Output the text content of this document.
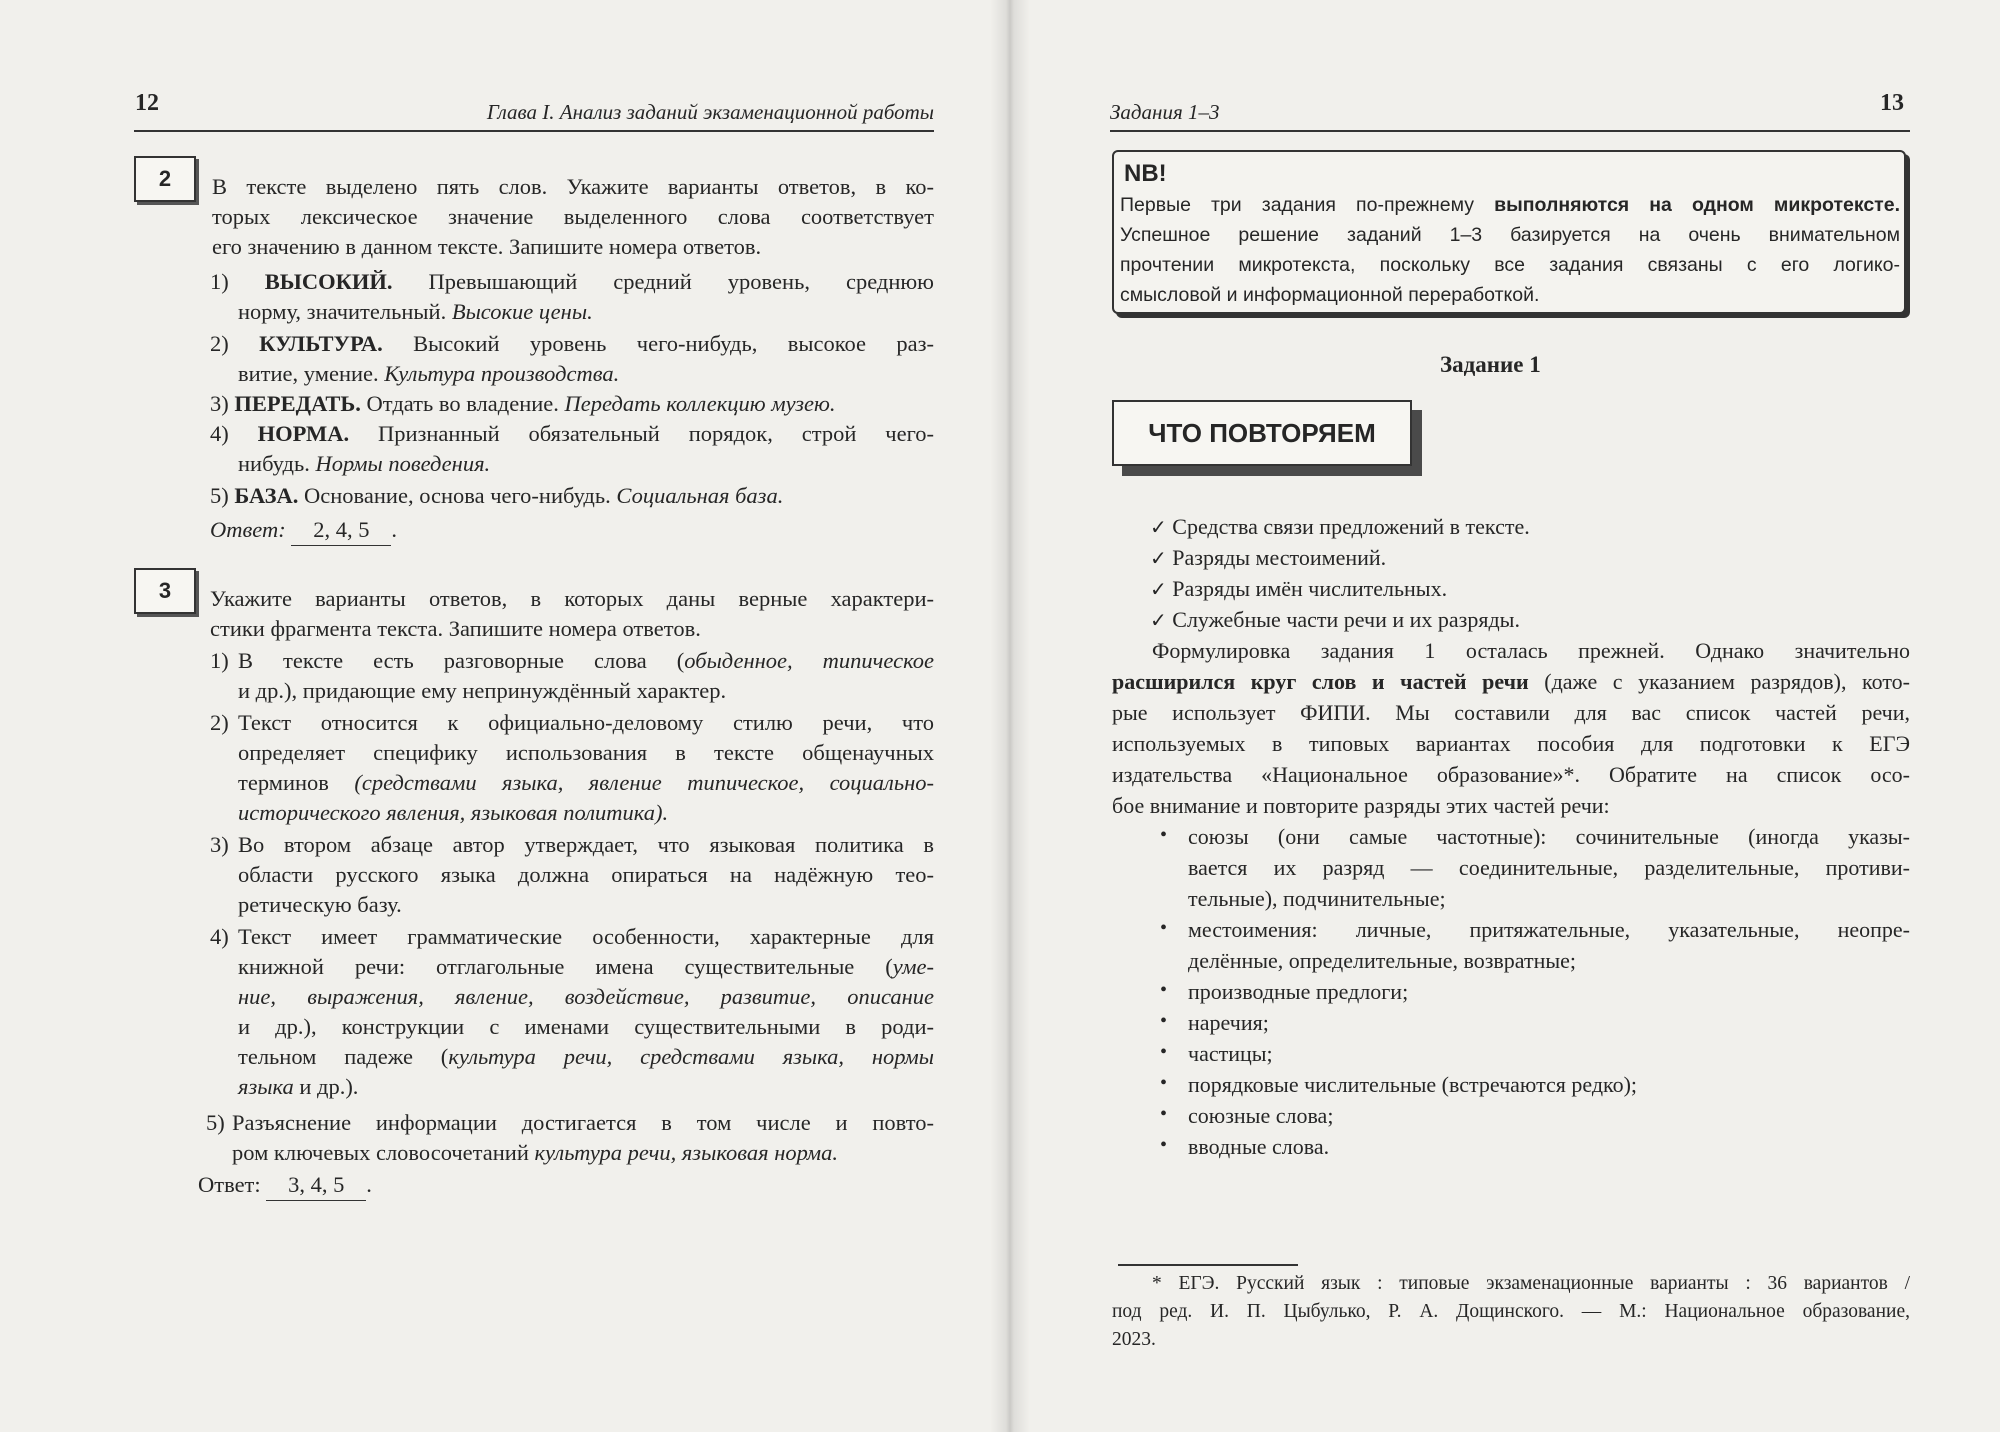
12	Глава I. Анализ заданий экзаменационной работы
2	В тексте выделено пять слов. Укажите варианты ответов, в ко-
торых лексическое значение выделенного слова соответствует
его значению в данном тексте. Запишите номера ответов.
1) ВЫСОКИЙ. Превышающий средний уровень, среднюю
норму, значительный. Высокие цены.
2) КУЛЬТУРА. Высокий уровень чего-нибудь, высокое раз-
витие, умение. Культура производства.
3) ПЕРЕДАТЬ. Отдать во владение. Передать коллекцию музею.
4) НОРМА. Признанный обязательный порядок, строй чего-
нибудь. Нормы поведения.
5) БАЗА. Основание, основа чего-нибудь. Социальная база.
Ответ: 2, 4, 5 .
3	Укажите варианты ответов, в которых даны верные характери-
стики фрагмента текста. Запишите номера ответов.
1) В тексте есть разговорные слова (обыденное, типическое
и др.), придающие ему непринуждённый характер.
2) Текст относится к официально-деловому стилю речи, что
определяет специфику использования в тексте общенаучных
терминов (средствами языка, явление типическое, социально-
исторического явления, языковая политика).
3) Во втором абзаце автор утверждает, что языковая политика в
области русского языка должна опираться на надёжную тео-
ретическую базу.
4) Текст имеет грамматические особенности, характерные для
книжной речи: отглагольные имена существительные (уме-
ние, выражения, явление, воздействие, развитие, описание
и др.), конструкции с именами существительными в роди-
тельном падеже (культура речи, средствами языка, нормы
языка и др.).
5) Разъяснение информации достигается в том числе и повто-
ром ключевых словосочетаний культура речи, языковая норма.
Ответ: 3, 4, 5 .
Задания 1–3	13
NB!
Первые три задания по-прежнему выполняются на одном микротексте.
Успешное решение заданий 1–3 базируется на очень внимательном
прочтении микротекста, поскольку все задания связаны с его логико-
смысловой и информационной переработкой.
Задание 1
ЧТО ПОВТОРЯЕМ
✓ Средства связи предложений в тексте.
✓ Разряды местоимений.
✓ Разряды имён числительных.
✓ Служебные части речи и их разряды.
Формулировка задания 1 осталась прежней. Однако значительно
расширился круг слов и частей речи (даже с указанием разрядов), кото-
рые использует ФИПИ. Мы составили для вас список частей речи,
используемых в типовых вариантах пособия для подготовки к ЕГЭ
издательства «Национальное образование»*. Обратите на список осо-
бое внимание и повторите разряды этих частей речи:
• союзы (они самые частотные): сочинительные (иногда указы-
вается их разряд — соединительные, разделительные, противи-
тельные), подчинительные;
• местоимения: личные, притяжательные, указательные, неопре-
делённые, определительные, возвратные;
• производные предлоги;
• наречия;
• частицы;
• порядковые числительные (встречаются редко);
• союзные слова;
• вводные слова.
* ЕГЭ. Русский язык : типовые экзаменационные варианты : 36 вариантов /
под ред. И. П. Цыбулько, Р. А. Дощинского. — М.: Национальное образование,
2023.
